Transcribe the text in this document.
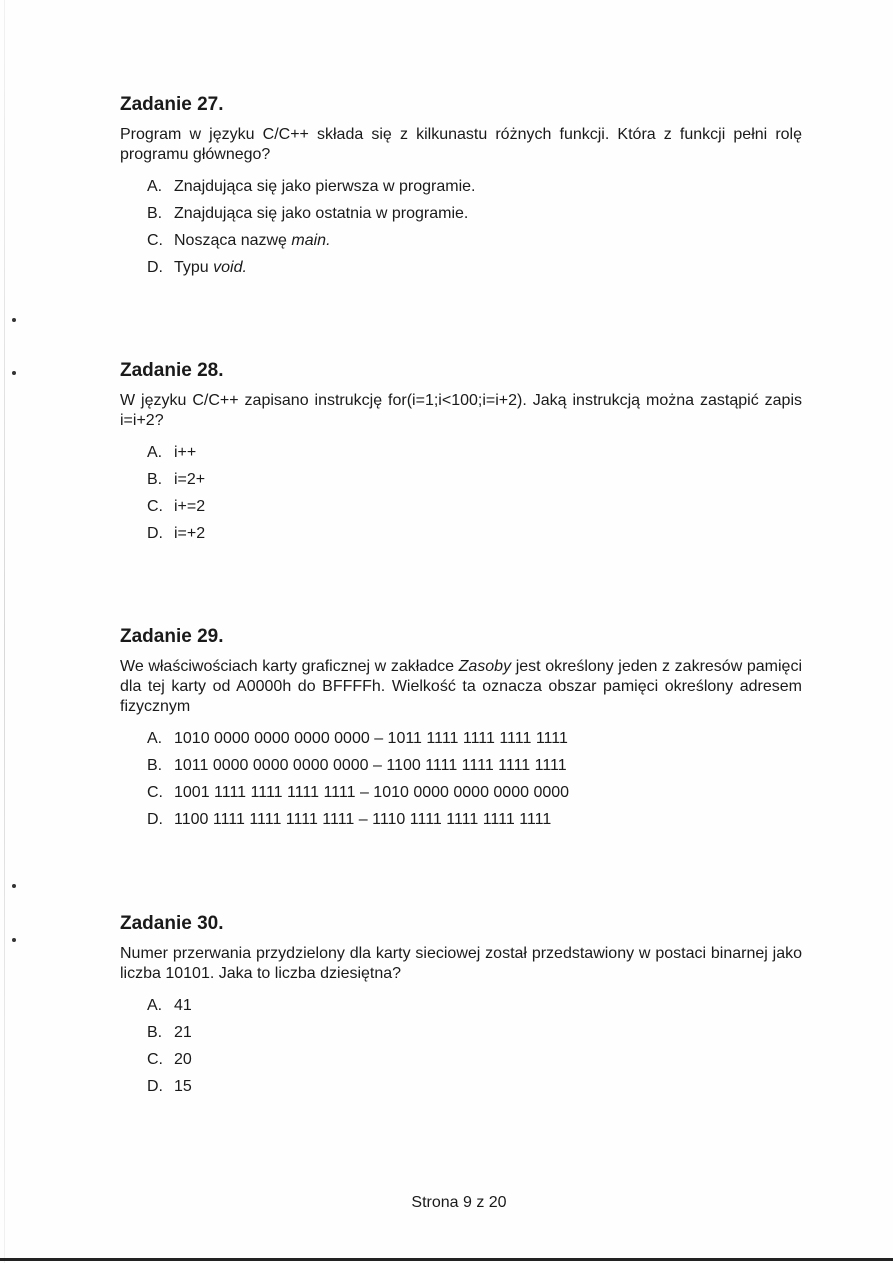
Zadanie 27.

Program w języku C/C++ składa się z kilkunastu różnych funkcji. Która z funkcji pełni rolę programu głównego?

A. Znajdująca się jako pierwsza w programie.
B. Znajdująca się jako ostatnia w programie.
C. Nosząca nazwę main.
D. Typu void.
Zadanie 28.

W języku C/C++ zapisano instrukcję for(i=1;i<100;i=i+2). Jaką instrukcją można zastąpić zapis i=i+2?

A. i++
B. i=2+
C. i+=2
D. i=+2
Zadanie 29.

We właściwościach karty graficznej w zakładce Zasoby jest określony jeden z zakresów pamięci dla tej karty od A0000h do BFFFFh. Wielkość ta oznacza obszar pamięci określony adresem fizycznym

A. 1010 0000 0000 0000 0000 – 1011 1111 1111 1111 1111
B. 1011 0000 0000 0000 0000 – 1100 1111 1111 1111 1111
C. 1001 1111 1111 1111 1111 – 1010 0000 0000 0000 0000
D. 1100 1111 1111 1111 1111 – 1110 1111 1111 1111 1111
Zadanie 30.

Numer przerwania przydzielony dla karty sieciowej został przedstawiony w postaci binarnej jako liczba 10101. Jaka to liczba dziesiętna?

A. 41
B. 21
C. 20
D. 15
Strona 9 z 20
